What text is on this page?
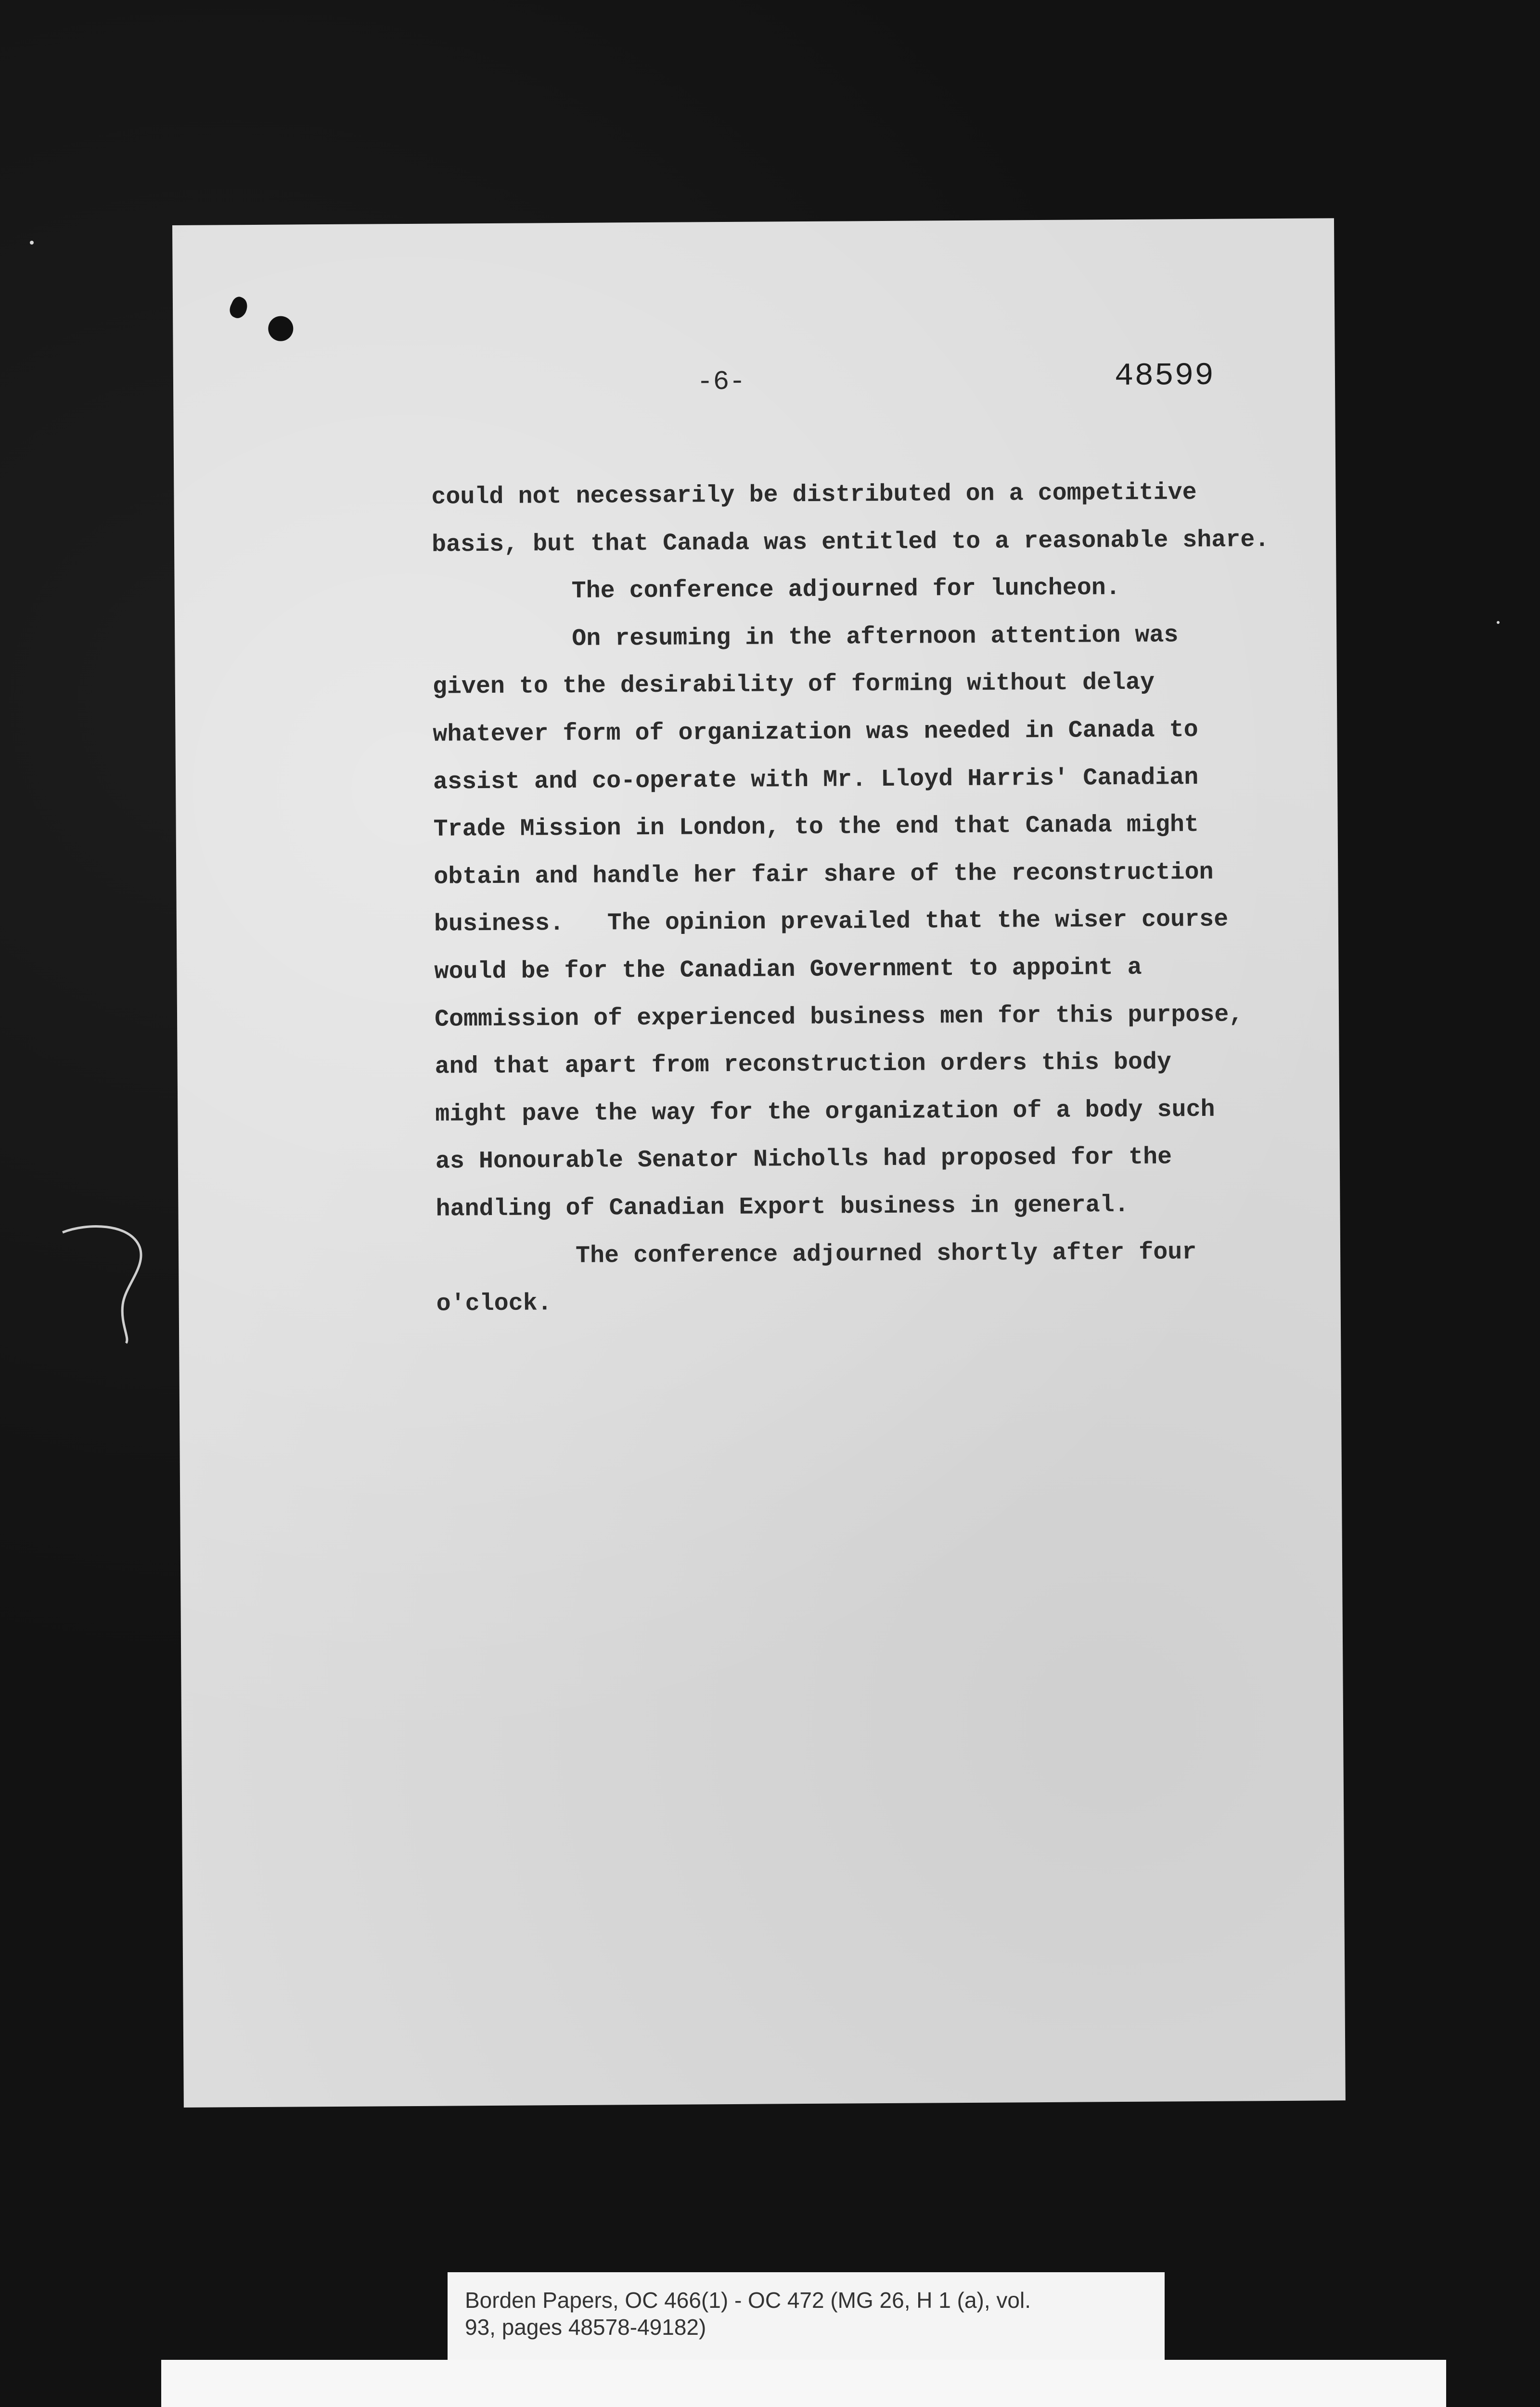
-6-	48599
could not necessarily be distributed on a competitive
basis, but that Canada was entitled to a reasonable share.
The conference adjourned for luncheon.
On resuming in the afternoon attention was
given to the desirability of forming without delay
whatever form of organization was needed in Canada to
assist and co-operate with Mr. Lloyd Harris' Canadian
Trade Mission in London, to the end that Canada might
obtain and handle her fair share of the reconstruction
business.   The opinion prevailed that the wiser course
would be for the Canadian Government to appoint a
Commission of experienced business men for this purpose,
and that apart from reconstruction orders this body
might pave the way for the organization of a body such
as Honourable Senator Nicholls had proposed for the
handling of Canadian Export business in general.
The conference adjourned shortly after four
o'clock.
Borden Papers, OC 466(1) - OC 472 (MG 26, H 1 (a), vol.
93, pages 48578-49182)
